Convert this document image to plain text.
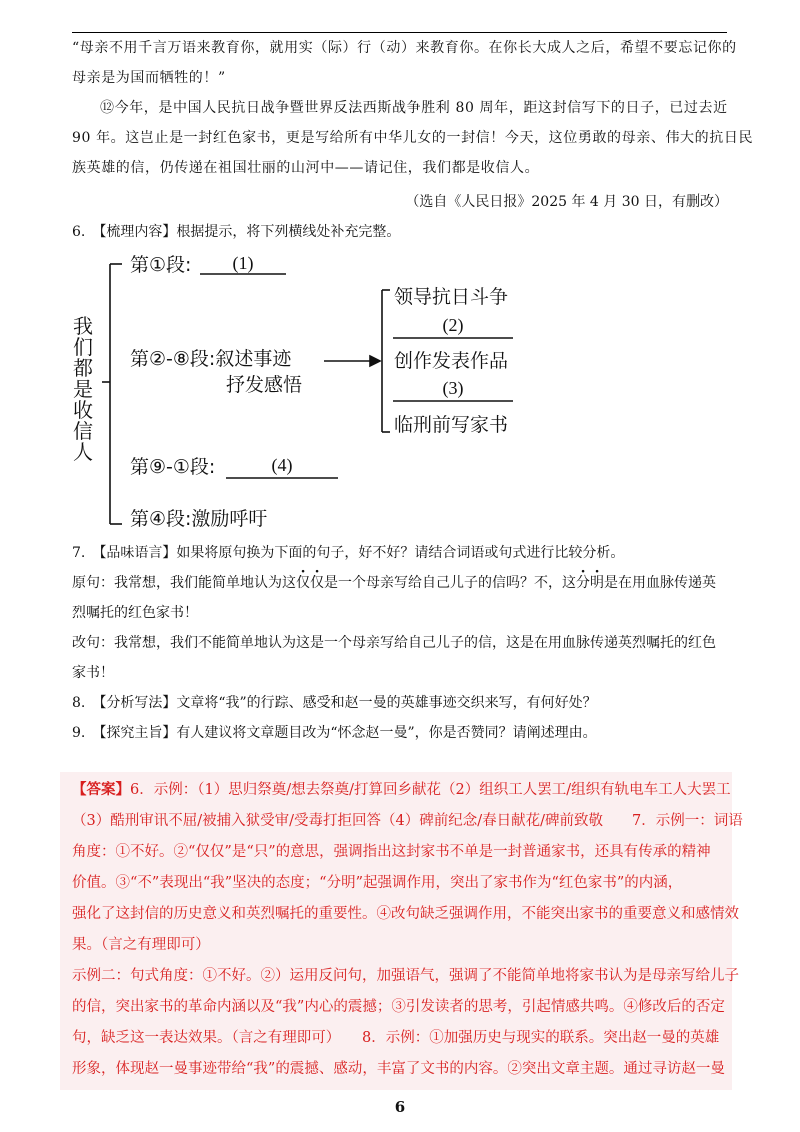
“母亲不用千言万语来教育你，就用实（际）行（动）来教育你。在你长大成人之后，希望不要忘记你的
母亲是为国而牺牲的！”
⑫今年，是中国人民抗日战争暨世界反法西斯战争胜利 80 周年，距这封信写下的日子，已过去近
90 年。这岂止是一封红色家书，更是写给所有中华儿女的一封信！今天，这位勇敢的母亲、伟大的抗日民
族英雄的信，仍传递在祖国壮丽的山河中——请记住，我们都是收信人。
（选自《人民日报》2025 年 4 月 30 日，有删改）
6.　【梳理内容】根据提示，将下列横线处补充完整。
我们都是收信人
第①段:	(1)
第②-⑧段:叙述事迹
抒发感悟
领导抗日斗争
(2)
创作发表作品
(3)
临刑前写家书
第⑨-①段:	(4)
第④段:激励呼吁
7.　【品味语言】如果将原句换为下面的句子，好不好？请结合词语或句式进行比较分析。
原句：我常想，我们能简单地认为这仅仅是一个母亲写给自己儿子的信吗？不，这分明是在用血脉传递英
烈嘱托的红色家书！
改句：我常想，我们不能简单地认为这是一个母亲写给自己儿子的信，这是在用血脉传递英烈嘱托的红色
家书！
8.　【分析写法】文章将“我”的行踪、感受和赵一曼的英雄事迹交织来写，有何好处？
9.　【探究主旨】有人建议将文章题目改为“怀念赵一曼”，你是否赞同？请阐述理由。
【答案】6．示例：（1）思归祭奠/想去祭奠/打算回乡献花（2）组织工人罢工/组织有轨电车工人大罢工
（3）酷刑审讯不屈/被捕入狱受审/受毒打拒回答（4）碑前纪念/春日献花/碑前致敬　　7．示例一：词语
角度：①不好。②“仅仅”是“只”的意思，强调指出这封家书不单是一封普通家书，还具有传承的精神
价值。③“不”表现出“我”坚决的态度；“分明”起强调作用，突出了家书作为“红色家书”的内涵，
强化了这封信的历史意义和英烈嘱托的重要性。④改句缺乏强调作用，不能突出家书的重要意义和感情效
果。（言之有理即可）
示例二：句式角度：①不好。②）运用反问句，加强语气，强调了不能简单地将家书认为是母亲写给儿子
的信，突出家书的革命内涵以及“我”内心的震撼；③引发读者的思考，引起情感共鸣。④修改后的否定
句，缺乏这一表达效果。（言之有理即可）　　8．示例：①加强历史与现实的联系。突出赵一曼的英雄
形象，体现赵一曼事迹带给“我”的震撼、感动，丰富了文书的内容。②突出文章主题。通过寻访赵一曼
6
